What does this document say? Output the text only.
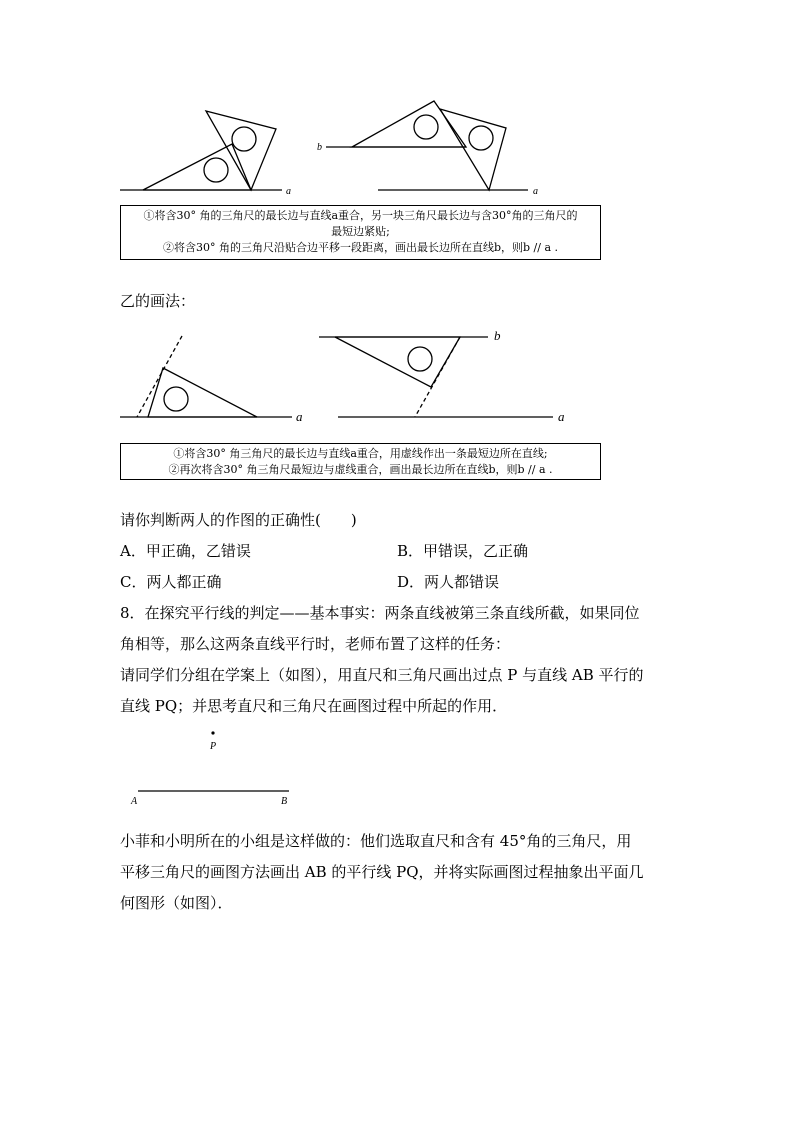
a
b
a
①将含30° 角的三角尺的最长边与直线a重合，另一块三角尺最长边与含30°角的三角尺的
最短边紧贴;
②将含30° 角的三角尺沿贴合边平移一段距离，画出最长边所在直线b，则b // a .
乙的画法：
a
b
a
①将含30° 角三角尺的最长边与直线a重合，用虚线作出一条最短边所在直线;
②再次将含30° 角三角尺最短边与虚线重合，画出最长边所在直线b，则b // a .
请你判断两人的作图的正确性(　　)
A．甲正确，乙错误	B．甲错误，乙正确
C．两人都正确	D．两人都错误
8．在探究平行线的判定——基本事实：两条直线被第三条直线所截，如果同位
角相等，那么这两条直线平行时，老师布置了这样的任务：
请同学们分组在学案上（如图），用直尺和三角尺画出过点 P 与直线 AB 平行的
直线 PQ；并思考直尺和三角尺在画图过程中所起的作用．
P
A	B
小菲和小明所在的小组是这样做的：他们选取直尺和含有 45°角的三角尺，用
平移三角尺的画图方法画出 AB 的平行线 PQ，并将实际画图过程抽象出平面几
何图形（如图）．
